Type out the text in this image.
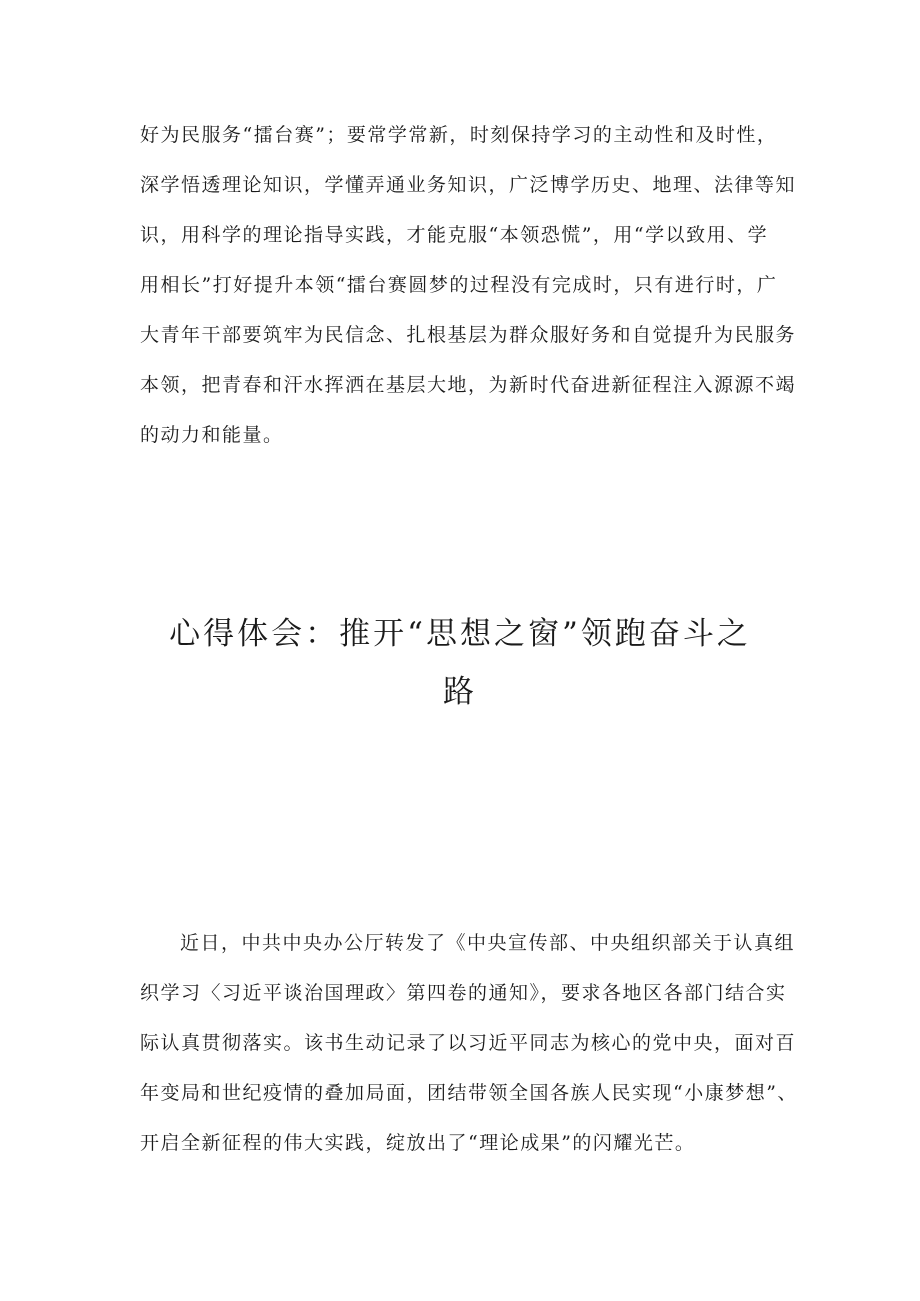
好为民服务“擂台赛”；要常学常新，时刻保持学习的主动性和及时性，
深学悟透理论知识，学懂弄通业务知识，广泛博学历史、地理、法律等知
识，用科学的理论指导实践，才能克服“本领恐慌”，用“学以致用、学
用相长”打好提升本领“擂台赛圆梦的过程没有完成时，只有进行时，广
大青年干部要筑牢为民信念、扎根基层为群众服好务和自觉提升为民服务
本领，把青春和汗水挥洒在基层大地，为新时代奋进新征程注入源源不竭
的动力和能量。
心得体会：推开“思想之窗”领跑奋斗之
路
近日，中共中央办公厅转发了《中央宣传部、中央组织部关于认真组
织学习〈习近平谈治国理政〉第四卷的通知》，要求各地区各部门结合实
际认真贯彻落实。该书生动记录了以习近平同志为核心的党中央，面对百
年变局和世纪疫情的叠加局面，团结带领全国各族人民实现“小康梦想”、
开启全新征程的伟大实践，绽放出了“理论成果”的闪耀光芒。
